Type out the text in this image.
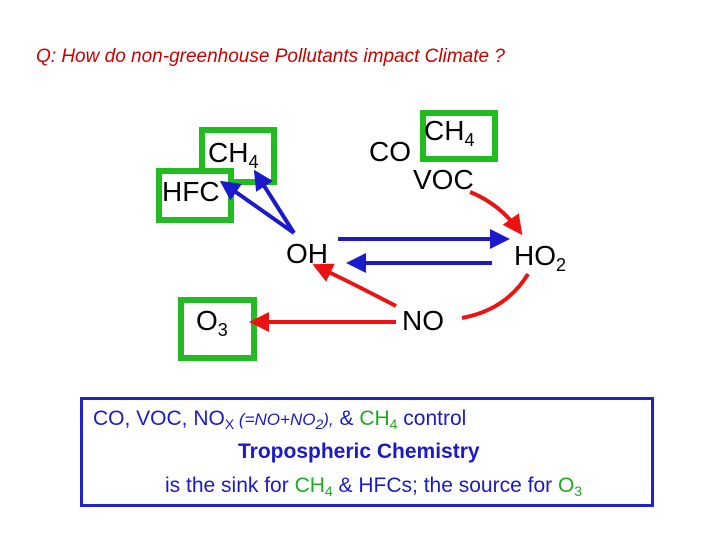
Q: How do non-greenhouse Pollutants impact Climate ?
$CH_4$
HFC
CO
$CH_4$
VOC
OH	$HO_2$
$O_3$	NO
CO, VOC, $NO_X$ $(=NO+NO_2)$, & $CH_4$ control
Tropospheric Chemistry
is the sink for $CH_4$ & HFCs; the source for $O_3$
